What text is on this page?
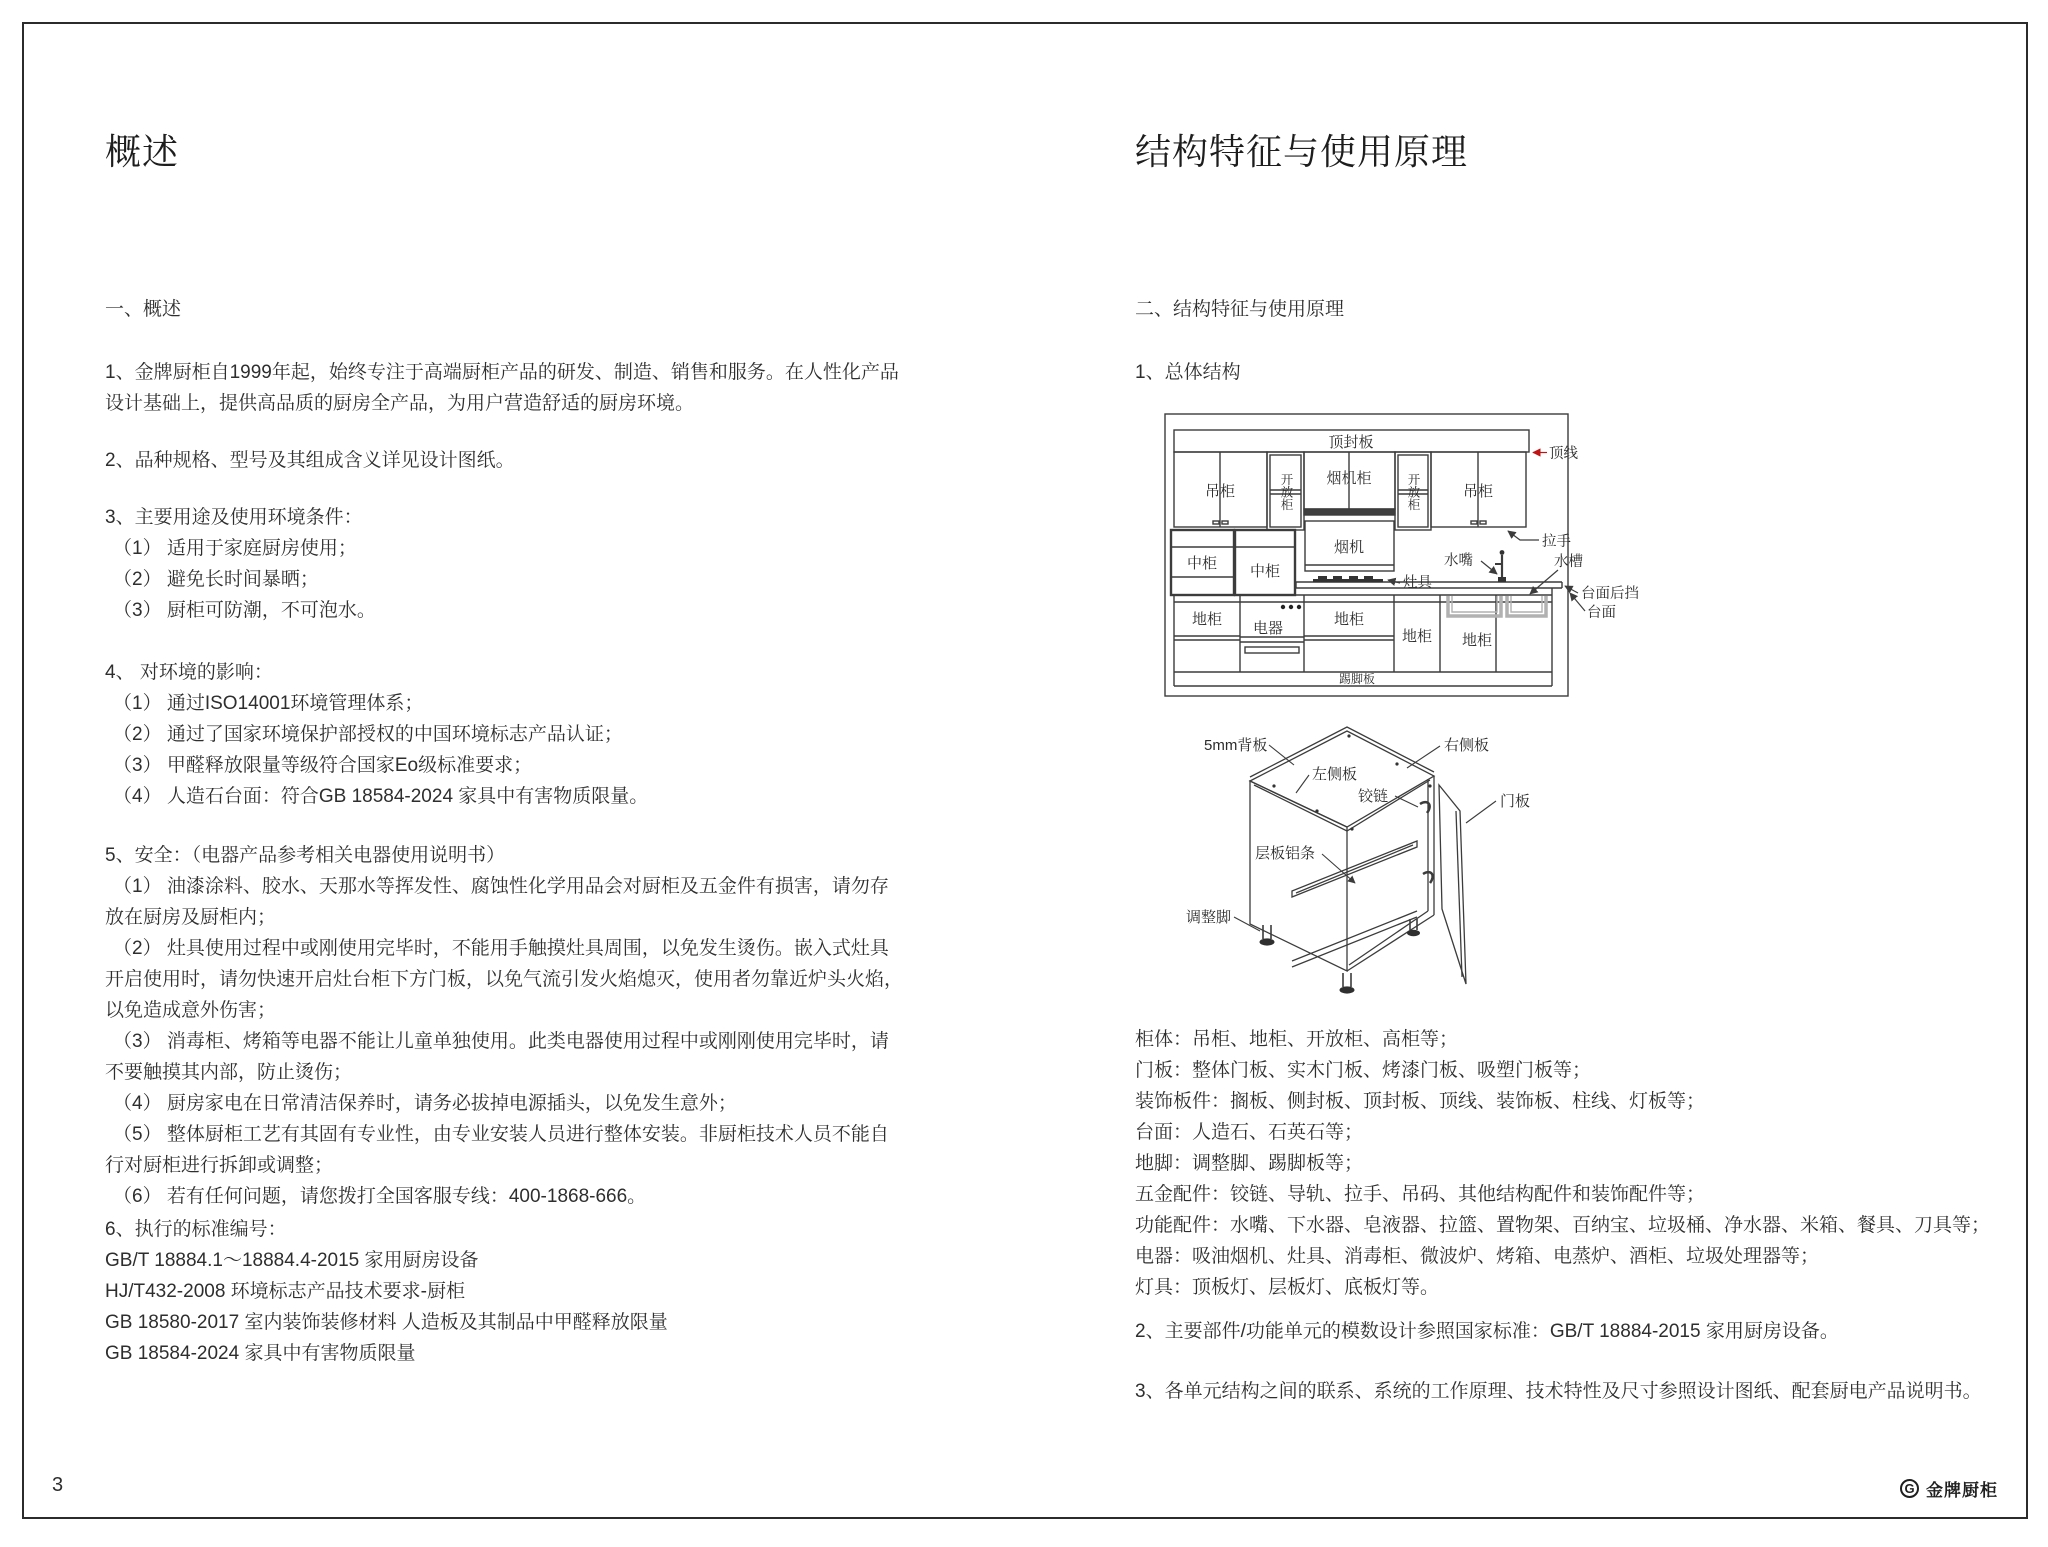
概述

一、概述

1、金牌厨柜自1999年起，始终专注于高端厨柜产品的研发、制造、销售和服务。在人性化产品设计基础上，提供高品质的厨房全产品，为用户营造舒适的厨房环境。

2、品种规格、型号及其组成含义详见设计图纸。

3、主要用途及使用环境条件：

（1） 适用于家庭厨房使用；

（2） 避免长时间暴晒；

（3） 厨柜可防潮，不可泡水。

4、 对环境的影响：

（1） 通过ISO14001环境管理体系；

（2） 通过了国家环境保护部授权的中国环境标志产品认证；

（3） 甲醛释放限量等级符合国家Eo级标准要求；

（4） 人造石台面：符合GB 18584-2024 家具中有害物质限量。

5、安全：（电器产品参考相关电器使用说明书）

（1） 油漆涂料、胶水、天那水等挥发性、腐蚀性化学用品会对厨柜及五金件有损害，请勿存放在厨房及厨柜内；

（2） 灶具使用过程中或刚使用完毕时，不能用手触摸灶具周围，以免发生烫伤。嵌入式灶具开启使用时，请勿快速开启灶台柜下方门板，以免气流引发火焰熄灭，使用者勿靠近炉头火焰，以免造成意外伤害；

（3） 消毒柜、烤箱等电器不能让儿童单独使用。此类电器使用过程中或刚刚使用完毕时，请不要触摸其内部，防止烫伤；

（4） 厨房家电在日常清洁保养时，请务必拔掉电源插头，以免发生意外；

（5） 整体厨柜工艺有其固有专业性，由专业安装人员进行整体安装。非厨柜技术人员不能自行对厨柜进行拆卸或调整；

（6） 若有任何问题，请您拨打全国客服专线：400-1868-666。

6、执行的标准编号：

GB/T 18884.1～18884.4-2015 家用厨房设备

HJ/T432-2008 环境标志产品技术要求-厨柜

GB 18580-2017 室内装饰装修材料 人造板及其制品中甲醛释放限量

GB 18584-2024 家具中有害物质限量

结构特征与使用原理

二、结构特征与使用原理

1、总体结构

顶封板
顶线
吊柜	开放柜 烟机柜	开放柜	吊柜
拉手
中柜 中柜
烟机
灶具
水嘴	水槽
台面后挡
台面
地柜
电器
地柜
地柜 地柜
踢脚板
5mm背板	右侧板
左侧板
铰链	门板
层板铝条
调整脚

柜体：吊柜、地柜、开放柜、高柜等；

门板：整体门板、实木门板、烤漆门板、吸塑门板等；

装饰板件：搁板、侧封板、顶封板、顶线、装饰板、柱线、灯板等；

台面：人造石、石英石等；

地脚：调整脚、踢脚板等；

五金配件：铰链、导轨、拉手、吊码、其他结构配件和装饰配件等；

功能配件：水嘴、下水器、皂液器、拉篮、置物架、百纳宝、垃圾桶、净水器、米箱、餐具、刀具等；

电器：吸油烟机、灶具、消毒柜、微波炉、烤箱、电蒸炉、酒柜、垃圾处理器等；

灯具：顶板灯、层板灯、底板灯等。

2、主要部件/功能单元的模数设计参照国家标准：GB/T 18884-2015 家用厨房设备。

3、各单元结构之间的联系、系统的工作原理、技术特性及尺寸参照设计图纸、配套厨电产品说明书。

3	G 金牌厨柜
